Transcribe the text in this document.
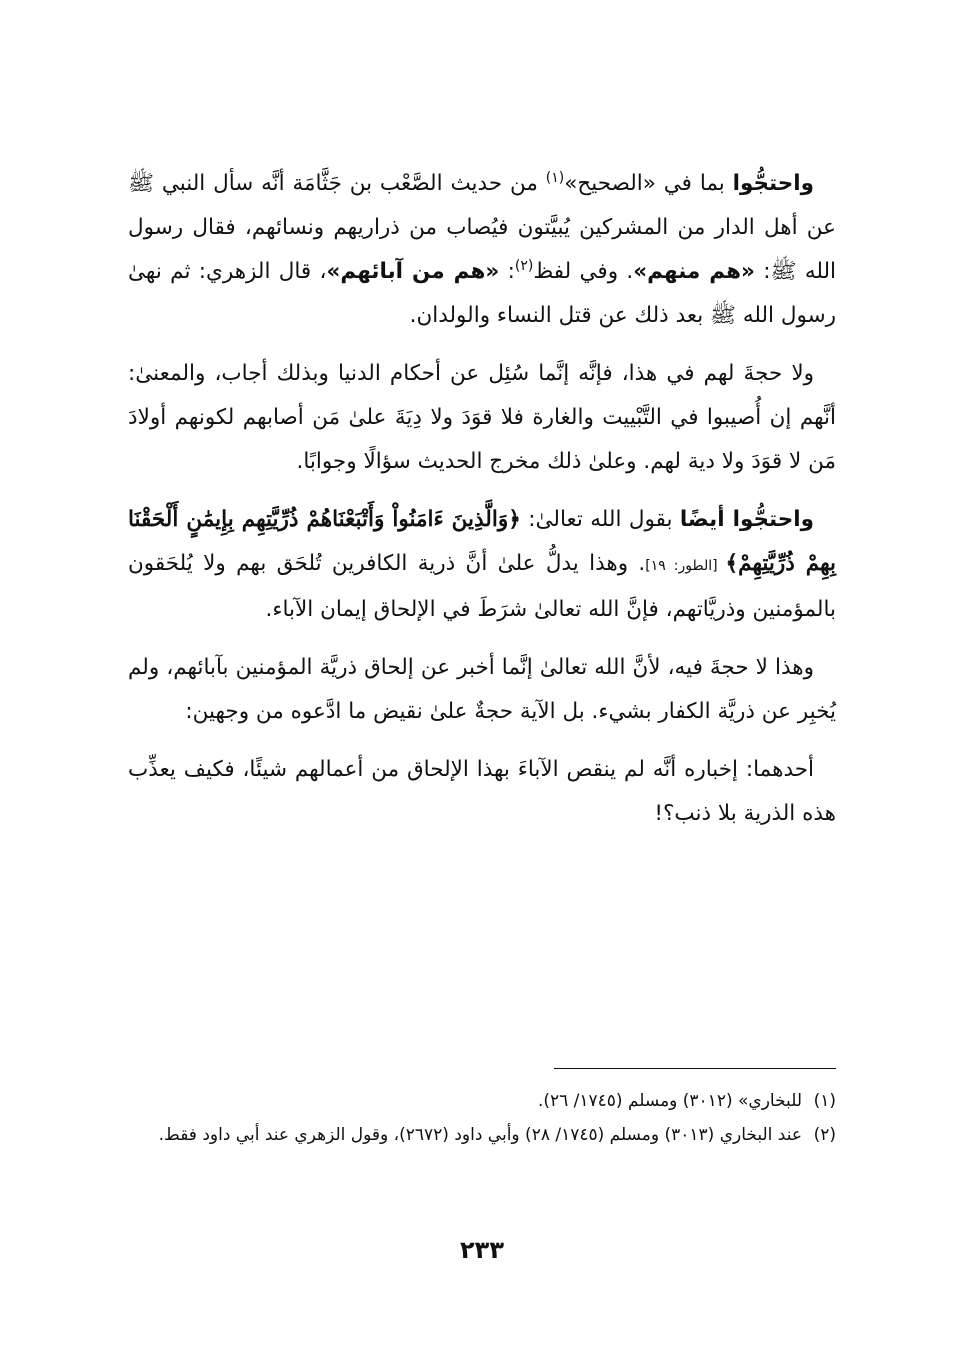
واحتجُّوا بما في «الصحيح»$^{(١)}$ من حديث الصَّعْب بن جَثَّامَة أنَّه سأل النبي ﷺ عن أهل الدار من المشركين يُبيَّتون فيُصاب من ذراريهم ونسائهم، فقال رسول الله ﷺ: «هم منهم». وفي لفظ$^{(٢)}$: «هم من آبائهم»، قال الزهري: ثم نهىٰ رسول الله ﷺ بعد ذلك عن قتل النساء والولدان.

ولا حجةَ لهم في هذا، فإنَّه إنَّما سُئِل عن أحكام الدنيا وبذلك أجاب، والمعنىٰ: أنَّهم إن أُصيبوا في التَّبْييت والغارة فلا قوَدَ ولا دِيَةَ علىٰ مَن أصابهم لكونهم أولادَ مَن لا قوَدَ ولا دية لهم. وعلىٰ ذلك مخرج الحديث سؤالًا وجوابًا.

واحتجُّوا أيضًا بقول الله تعالىٰ: ﴿وَالَّذِينَ ءَامَنُواْ وَأَتْبَعْنَاهُمْ ذُرِّيَّتِهِم بِإِيمَٰنٍ أَلْحَقْنَا بِهِمْ ذُرِّيَّتِهِمْ﴾ [الطور: ١٩]. وهذا يدلُّ علىٰ أنَّ ذرية الكافرين تُلحَق بهم ولا يُلحَقون بالمؤمنين وذريَّاتهم، فإنَّ الله تعالىٰ شرَطَ في الإلحاق إيمان الآباء.

وهذا لا حجةَ فيه، لأنَّ الله تعالىٰ إنَّما أخبر عن إلحاق ذريَّة المؤمنين بآبائهم، ولم يُخبِر عن ذريَّة الكفار بشيء. بل الآية حجةٌ علىٰ نقيض ما ادَّعوه من وجهين:

أحدهما: إخباره أنَّه لم ينقص الآباءَ بهذا الإلحاق من أعمالهم شيئًا، فكيف يعذِّب هذه الذرية بلا ذنب؟!

(١)
للبخاري» (٣٠١٢) ومسلم (١٧٤٥/ ٢٦).

(٢)
عند البخاري (٣٠١٣) ومسلم (١٧٤٥/ ٢٨) وأبي داود (٢٦٧٢)، وقول الزهري عند أبي داود فقط.

٢٣٣
